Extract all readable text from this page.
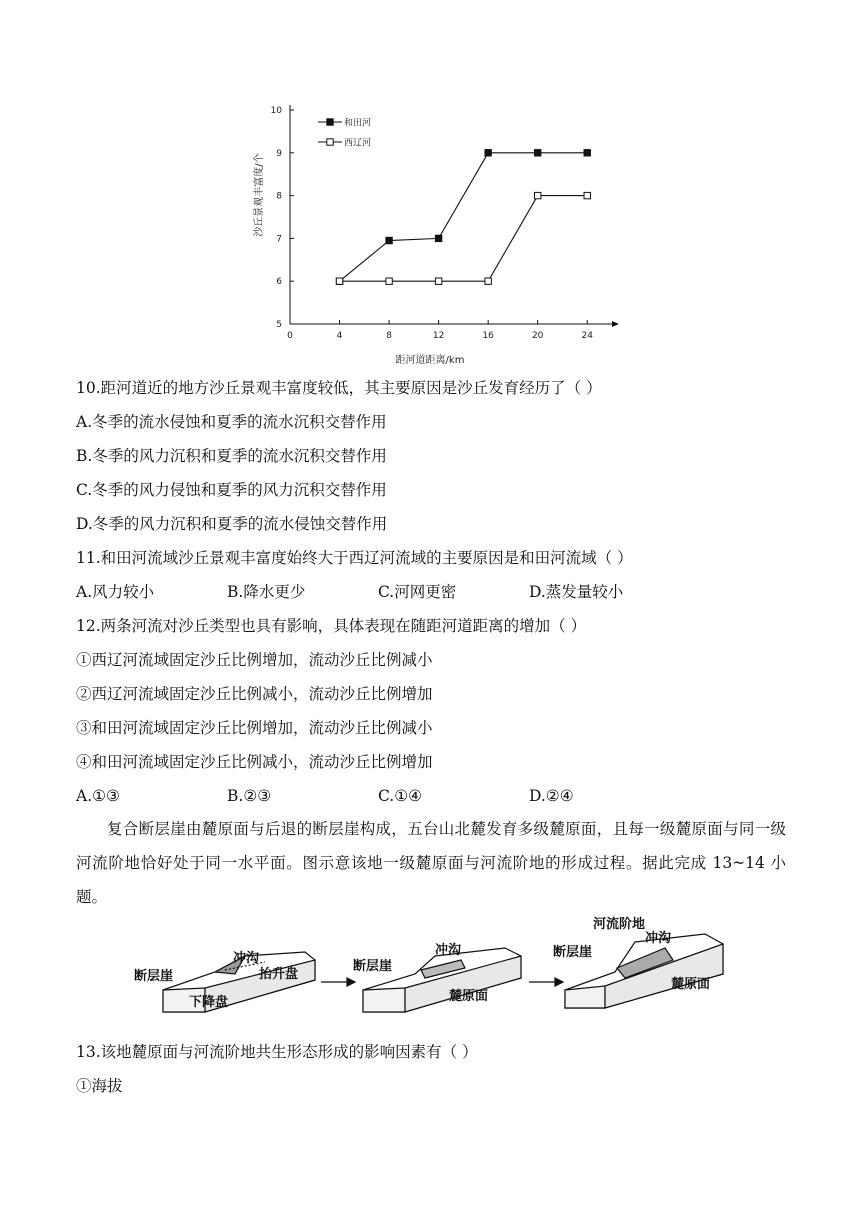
0	4	8	12	16	20	24
5
6
7
8
9
10
和田河
西辽河
沙丘景观丰富度/个
距河道距离/km
10.距河道近的地方沙丘景观丰富度较低，其主要原因是沙丘发育经历了（ ）
A.冬季的流水侵蚀和夏季的流水沉积交替作用
B.冬季的风力沉积和夏季的流水沉积交替作用
C.冬季的风力侵蚀和夏季的风力沉积交替作用
D.冬季的风力沉积和夏季的流水侵蚀交替作用
11.和田河流域沙丘景观丰富度始终大于西辽河流域的主要原因是和田河流域（ ）
A.风力较小	B.降水更少	C.河网更密	D.蒸发量较小
12.两条河流对沙丘类型也具有影响，具体表现在随距河道距离的增加（ ）
①西辽河流域固定沙丘比例增加，流动沙丘比例减小
②西辽河流域固定沙丘比例减小，流动沙丘比例增加
③和田河流域固定沙丘比例增加，流动沙丘比例减小
④和田河流域固定沙丘比例减小，流动沙丘比例增加
A.①③	B.②③	C.①④	D.②④
复合断层崖由麓原面与后退的断层崖构成，五台山北麓发育多级麓原面，且每一级麓原面与同一级河流阶地恰好处于同一水平面。图示意该地一级麓原面与河流阶地的形成过程。据此完成 13~14 小题。
断层崖
冲沟
抬升盘
下降盘
断层崖
冲沟
麓原面
河流阶地
冲沟
断层崖
麓原面
13.该地麓原面与河流阶地共生形态形成的影响因素有（ ）
①海拔
